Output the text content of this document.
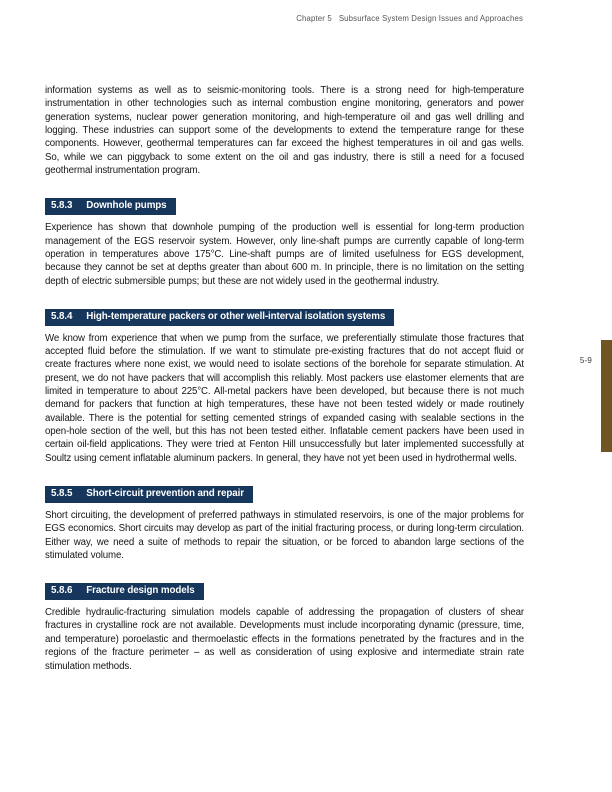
Chapter 5 Subsurface System Design Issues and Approaches

information systems as well as to seismic-monitoring tools. There is a strong need for high-temperature instrumentation in other technologies such as internal combustion engine monitoring, generators and power generation systems, nuclear power generation monitoring, and high-temperature oil and gas well drilling and logging. These industries can support some of the developments to extend the temperature range for these components. However, geothermal temperatures can far exceed the highest temperatures in oil and gas wells. So, while we can piggyback to some extent on the oil and gas industry, there is still a need for a focused geothermal instrumentation program.

5.8.3 Downhole pumps

Experience has shown that downhole pumping of the production well is essential for long-term production management of the EGS reservoir system. However, only line-shaft pumps are currently capable of long-term operation in temperatures above 175°C. Line-shaft pumps are of limited usefulness for EGS development, because they cannot be set at depths greater than about 600 m. In principle, there is no limitation on the setting depth of electric submersible pumps; but these are not widely used in the geothermal industry.

5.8.4 High-temperature packers or other well-interval isolation systems

We know from experience that when we pump from the surface, we preferentially stimulate those fractures that accepted fluid before the stimulation. If we want to stimulate pre-existing fractures that do not accept fluid or create fractures where none exist, we would need to isolate sections of the borehole for separate stimulation. At present, we do not have packers that will accomplish this reliably. Most packers use elastomer elements that are limited in temperature to about 225°C. All-metal packers have been developed, but because there is not much demand for packers that function at high temperatures, these have not been tested widely or made routinely available. There is the potential for setting cemented strings of expanded casing with sealable sections in the open-hole section of the well, but this has not been tested either. Inflatable cement packers have been used in certain oil-field applications. They were tried at Fenton Hill unsuccessfully but later implemented successfully at Soultz using cement inflatable aluminum packers. In general, they have not yet been used in hydrothermal wells.

5.8.5 Short-circuit prevention and repair

Short circuiting, the development of preferred pathways in stimulated reservoirs, is one of the major problems for EGS economics. Short circuits may develop as part of the initial fracturing process, or during long-term circulation. Either way, we need a suite of methods to repair the situation, or be forced to abandon large sections of the stimulated volume.

5.8.6 Fracture design models

Credible hydraulic-fracturing simulation models capable of addressing the propagation of clusters of shear fractures in crystalline rock are not available. Developments must include incorporating dynamic (pressure, time, and temperature) poroelastic and thermoelastic effects in the formations penetrated by the fractures and in the regions of the fracture perimeter – as well as consideration of using explosive and intermediate strain rate stimulation methods.

5-9
